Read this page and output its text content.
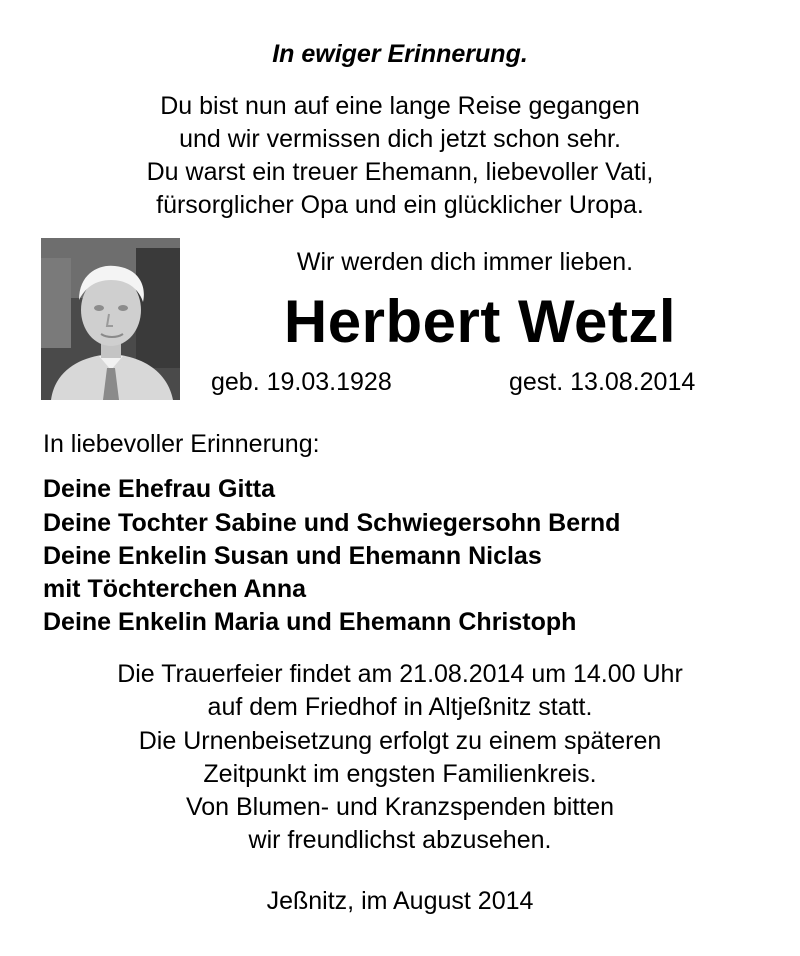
In ewiger Erinnerung.
Du bist nun auf eine lange Reise gegangen
und wir vermissen dich jetzt schon sehr.
Du warst ein treuer Ehemann, liebevoller Vati,
fürsorglicher Opa und ein glücklicher Uropa.
Wir werden dich immer lieben.
Herbert Wetzl
geb. 19.03.1928	gest. 13.08.2014
In liebevoller Erinnerung:
Deine Ehefrau Gitta
Deine Tochter Sabine und Schwiegersohn Bernd
Deine Enkelin Susan und Ehemann Niclas
mit Töchterchen Anna
Deine Enkelin Maria und Ehemann Christoph
Die Trauerfeier findet am 21.08.2014 um 14.00 Uhr
auf dem Friedhof in Altjeßnitz statt.
Die Urnenbeisetzung erfolgt zu einem späteren
Zeitpunkt im engsten Familienkreis.
Von Blumen- und Kranzspenden bitten
wir freundlichst abzusehen.
Jeßnitz, im August 2014
